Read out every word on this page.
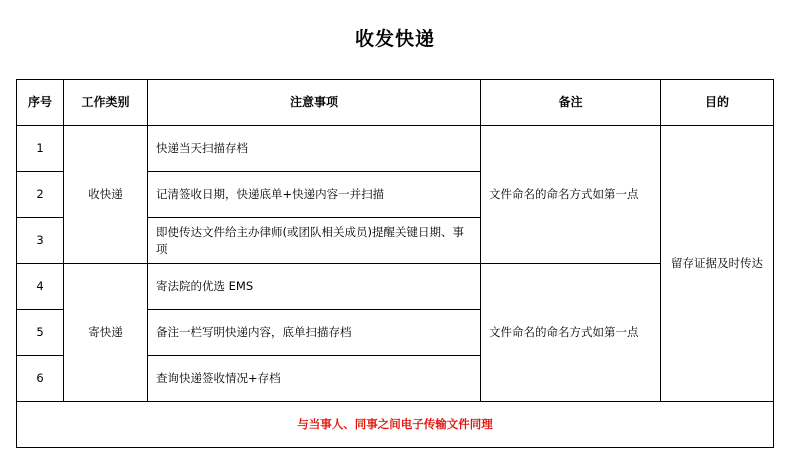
收发快递
序号	工作类别	注意事项	备注	目的
1	收快递	快递当天扫描存档	文件命名的命名方式如第一点	留存证据及时传达
2		记清签收日期，快递底单+快递内容一并扫描		
3		即使传达文件给主办律师(或团队相关成员)提醒关键日期、事项		
4	寄快递	寄法院的优选 EMS	文件命名的命名方式如第一点	
5		备注一栏写明快递内容，底单扫描存档		
6		查询快递签收情况+存档		
与当事人、同事之间电子传输文件同理				
